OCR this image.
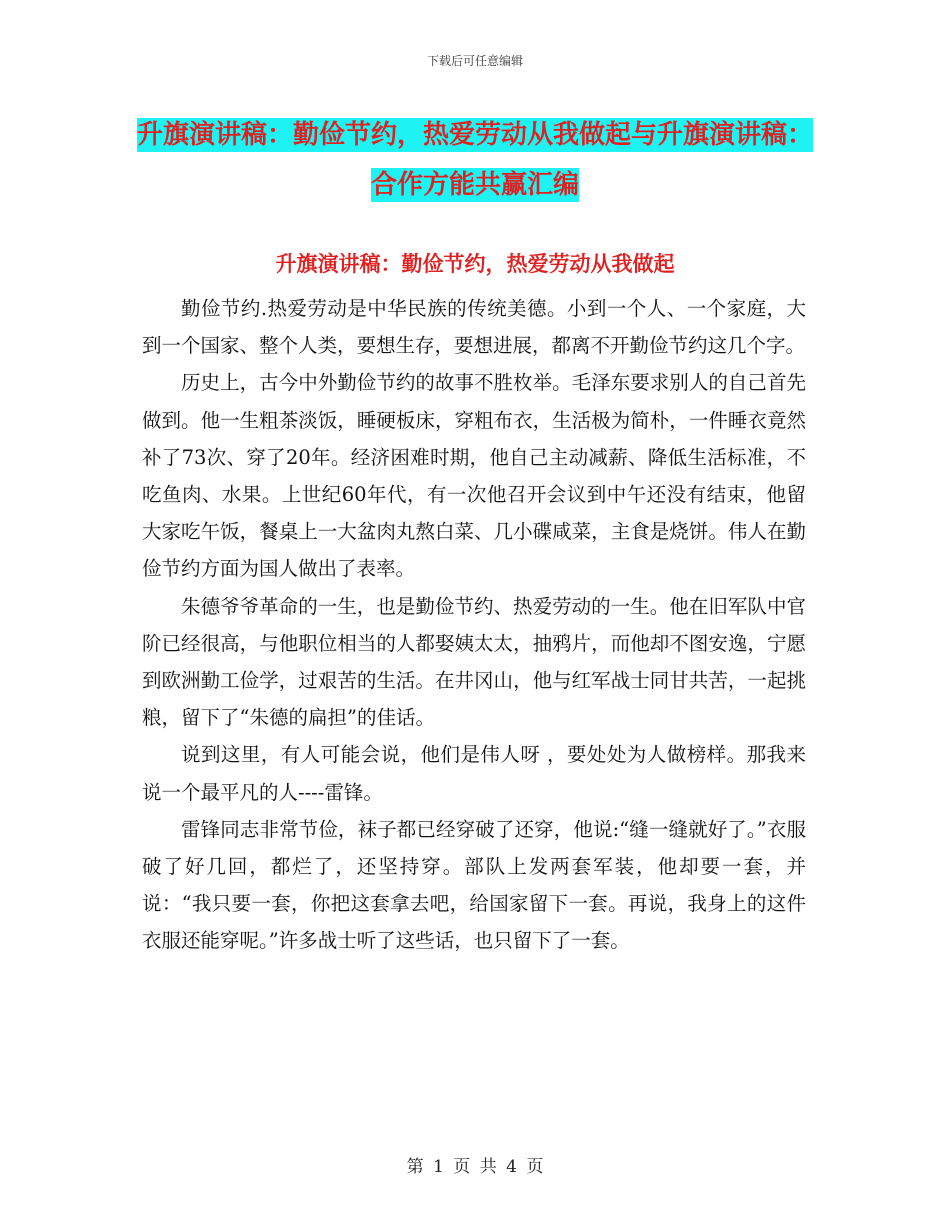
下载后可任意编辑
升旗演讲稿：勤俭节约，热爱劳动从我做起与升旗演讲稿：合作方能共赢汇编
升旗演讲稿：勤俭节约，热爱劳动从我做起

勤俭节约.热爱劳动是中华民族的传统美德。小到一个人、一个家庭，大到一个国家、整个人类，要想生存，要想进展，都离不开勤俭节约这几个字。

历史上，古今中外勤俭节约的故事不胜枚举。毛泽东要求别人的自己首先做到。他一生粗茶淡饭，睡硬板床，穿粗布衣，生活极为简朴，一件睡衣竟然补了73次、穿了20年。经济困难时期，他自己主动减薪、降低生活标准，不吃鱼肉、水果。上世纪60年代，有一次他召开会议到中午还没有结束，他留大家吃午饭，餐桌上一大盆肉丸熬白菜、几小碟咸菜，主食是烧饼。伟人在勤俭节约方面为国人做出了表率。

朱德爷爷革命的一生，也是勤俭节约、热爱劳动的一生。他在旧军队中官阶已经很高，与他职位相当的人都娶姨太太，抽鸦片，而他却不图安逸，宁愿到欧洲勤工俭学，过艰苦的生活。在井冈山，他与红军战士同甘共苦，一起挑粮，留下了“朱德的扁担”的佳话。

说到这里，有人可能会说，他们是伟人呀 ，要处处为人做榜样。那我来说一个最平凡的人----雷锋。

雷锋同志非常节俭，袜子都已经穿破了还穿，他说:“缝一缝就好了。”衣服破了好几回，都烂了，还坚持穿。部队上发两套军装，他却要一套，并说：“我只要一套，你把这套拿去吧，给国家留下一套。再说，我身上的这件衣服还能穿呢。”许多战士听了这些话，也只留下了一套。

第 1 页 共 4 页
